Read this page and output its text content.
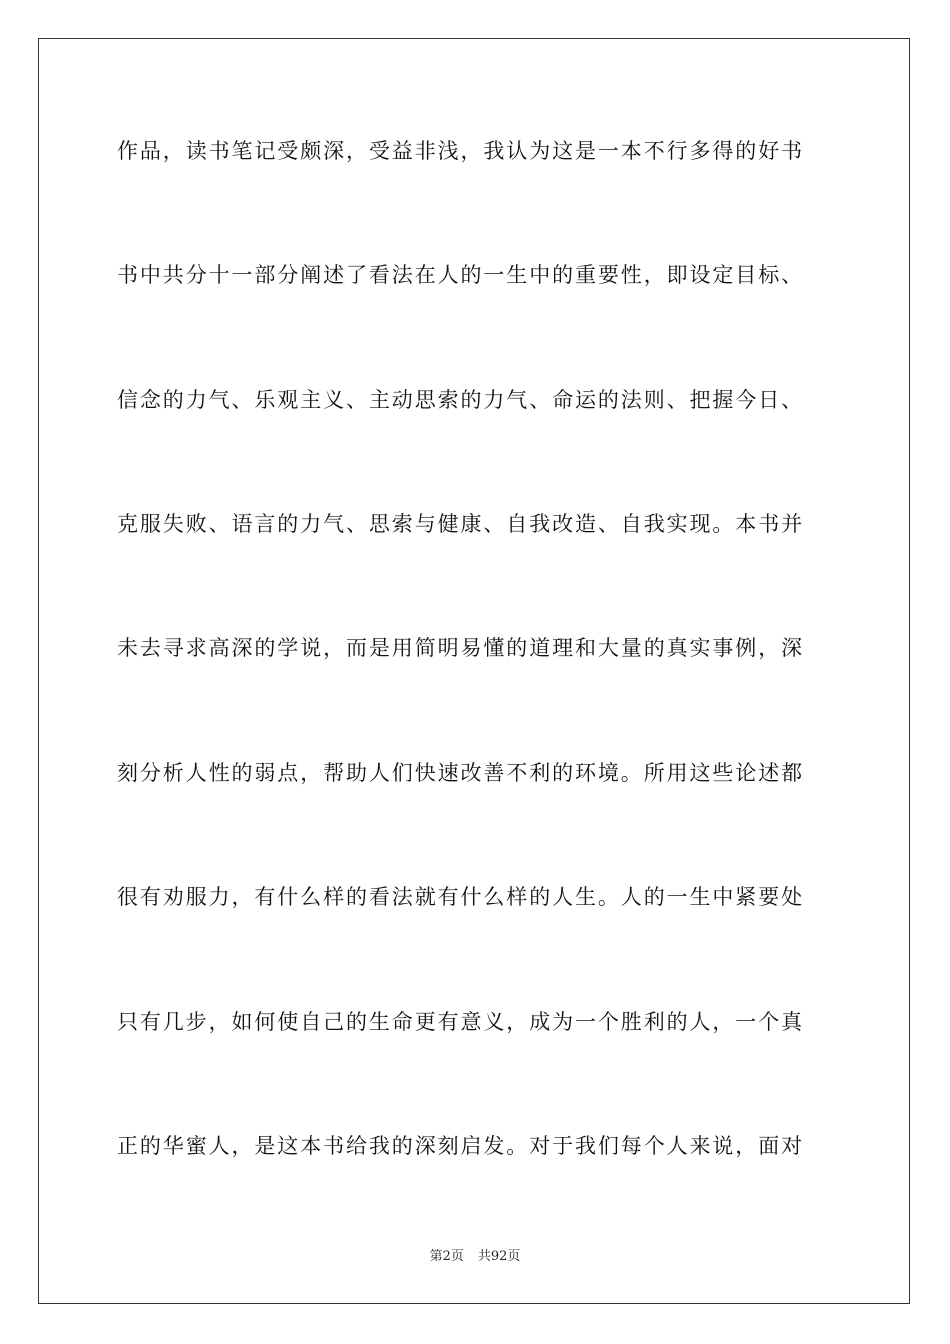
作品，读书笔记受颇深，受益非浅，我认为这是一本不行多得的好书
书中共分十一部分阐述了看法在人的一生中的重要性，即设定目标、
信念的力气、乐观主义、主动思索的力气、命运的法则、把握今日、
克服失败、语言的力气、思索与健康、自我改造、自我实现。本书并
未去寻求高深的学说，而是用简明易懂的道理和大量的真实事例，深
刻分析人性的弱点，帮助人们快速改善不利的环境。所用这些论述都
很有劝服力，有什么样的看法就有什么样的人生。人的一生中紧要处
只有几步，如何使自己的生命更有意义，成为一个胜利的人，一个真
正的华蜜人，是这本书给我的深刻启发。对于我们每个人来说，面对
第2页 共92页
